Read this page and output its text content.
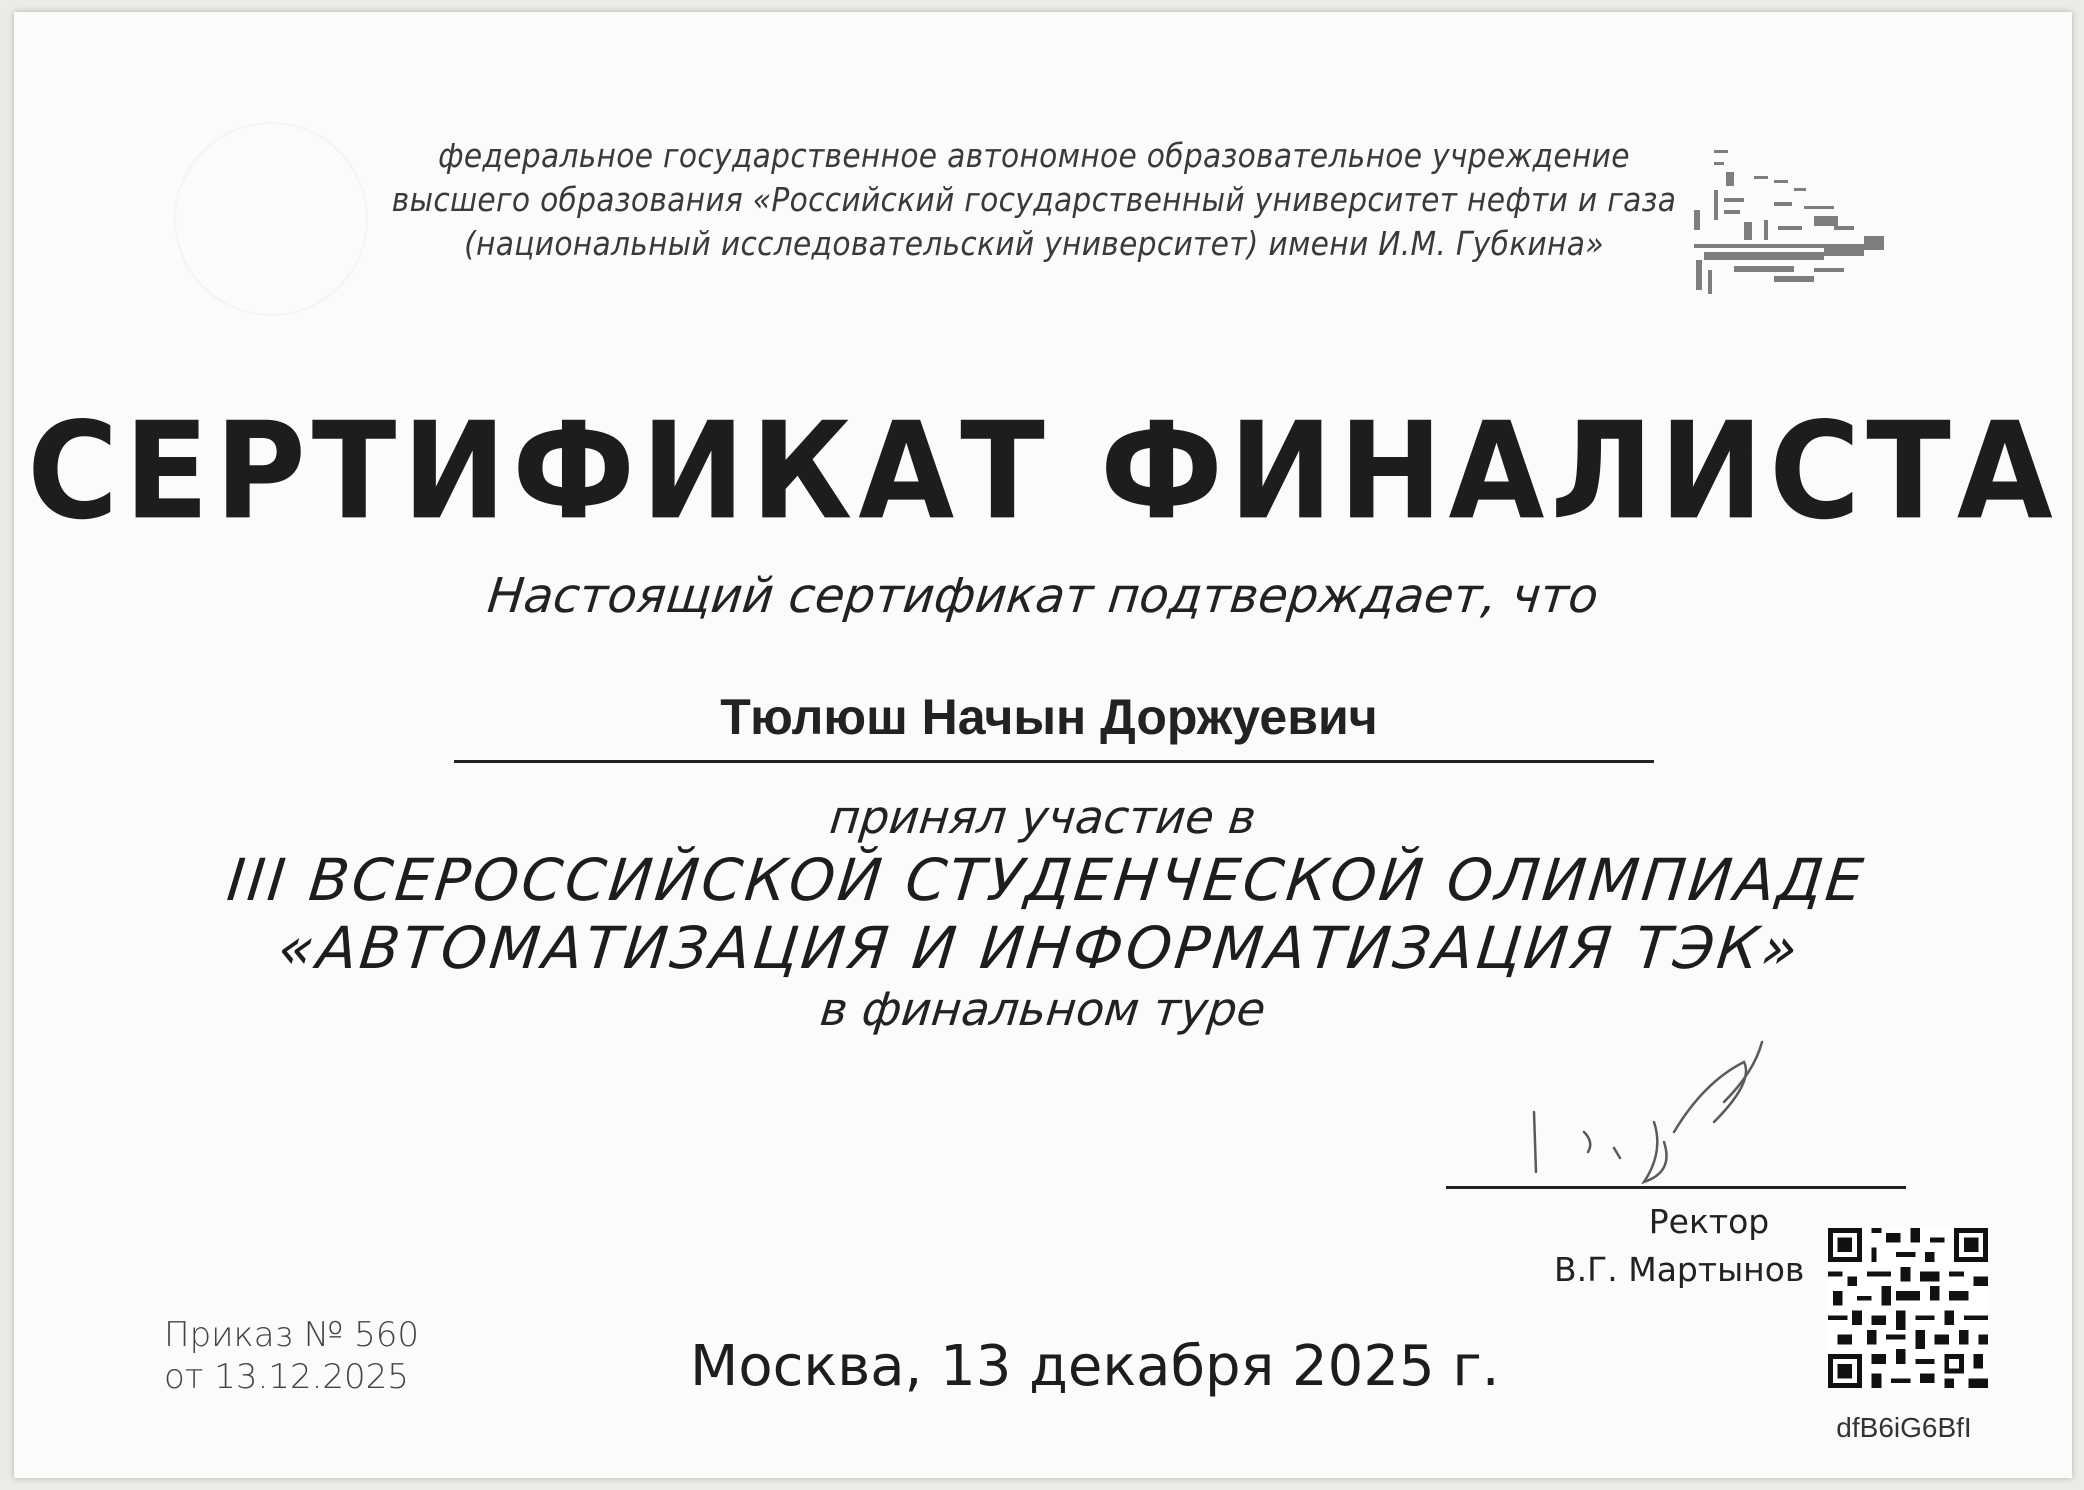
федеральное государственное автономное образовательное учреждение
высшего образования «Российский государственный университет нефти и газа
(национальный исследовательский университет) имени И.М. Губкина»
СЕРТИФИКАТ ФИНАЛИСТА
Настоящий сертификат подтверждает, что
Тюлюш Начын Доржуевич
принял участие в
III ВСЕРОССИЙСКОЙ СТУДЕНЧЕСКОЙ ОЛИМПИАДЕ
«АВТОМАТИЗАЦИЯ И ИНФОРМАТИЗАЦИЯ ТЭК»
в финальном туре
Ректор
В.Г. Мартынов
Приказ № 560
от 13.12.2025	Москва, 13 декабря 2025 г.
dfB6iG6BfI
